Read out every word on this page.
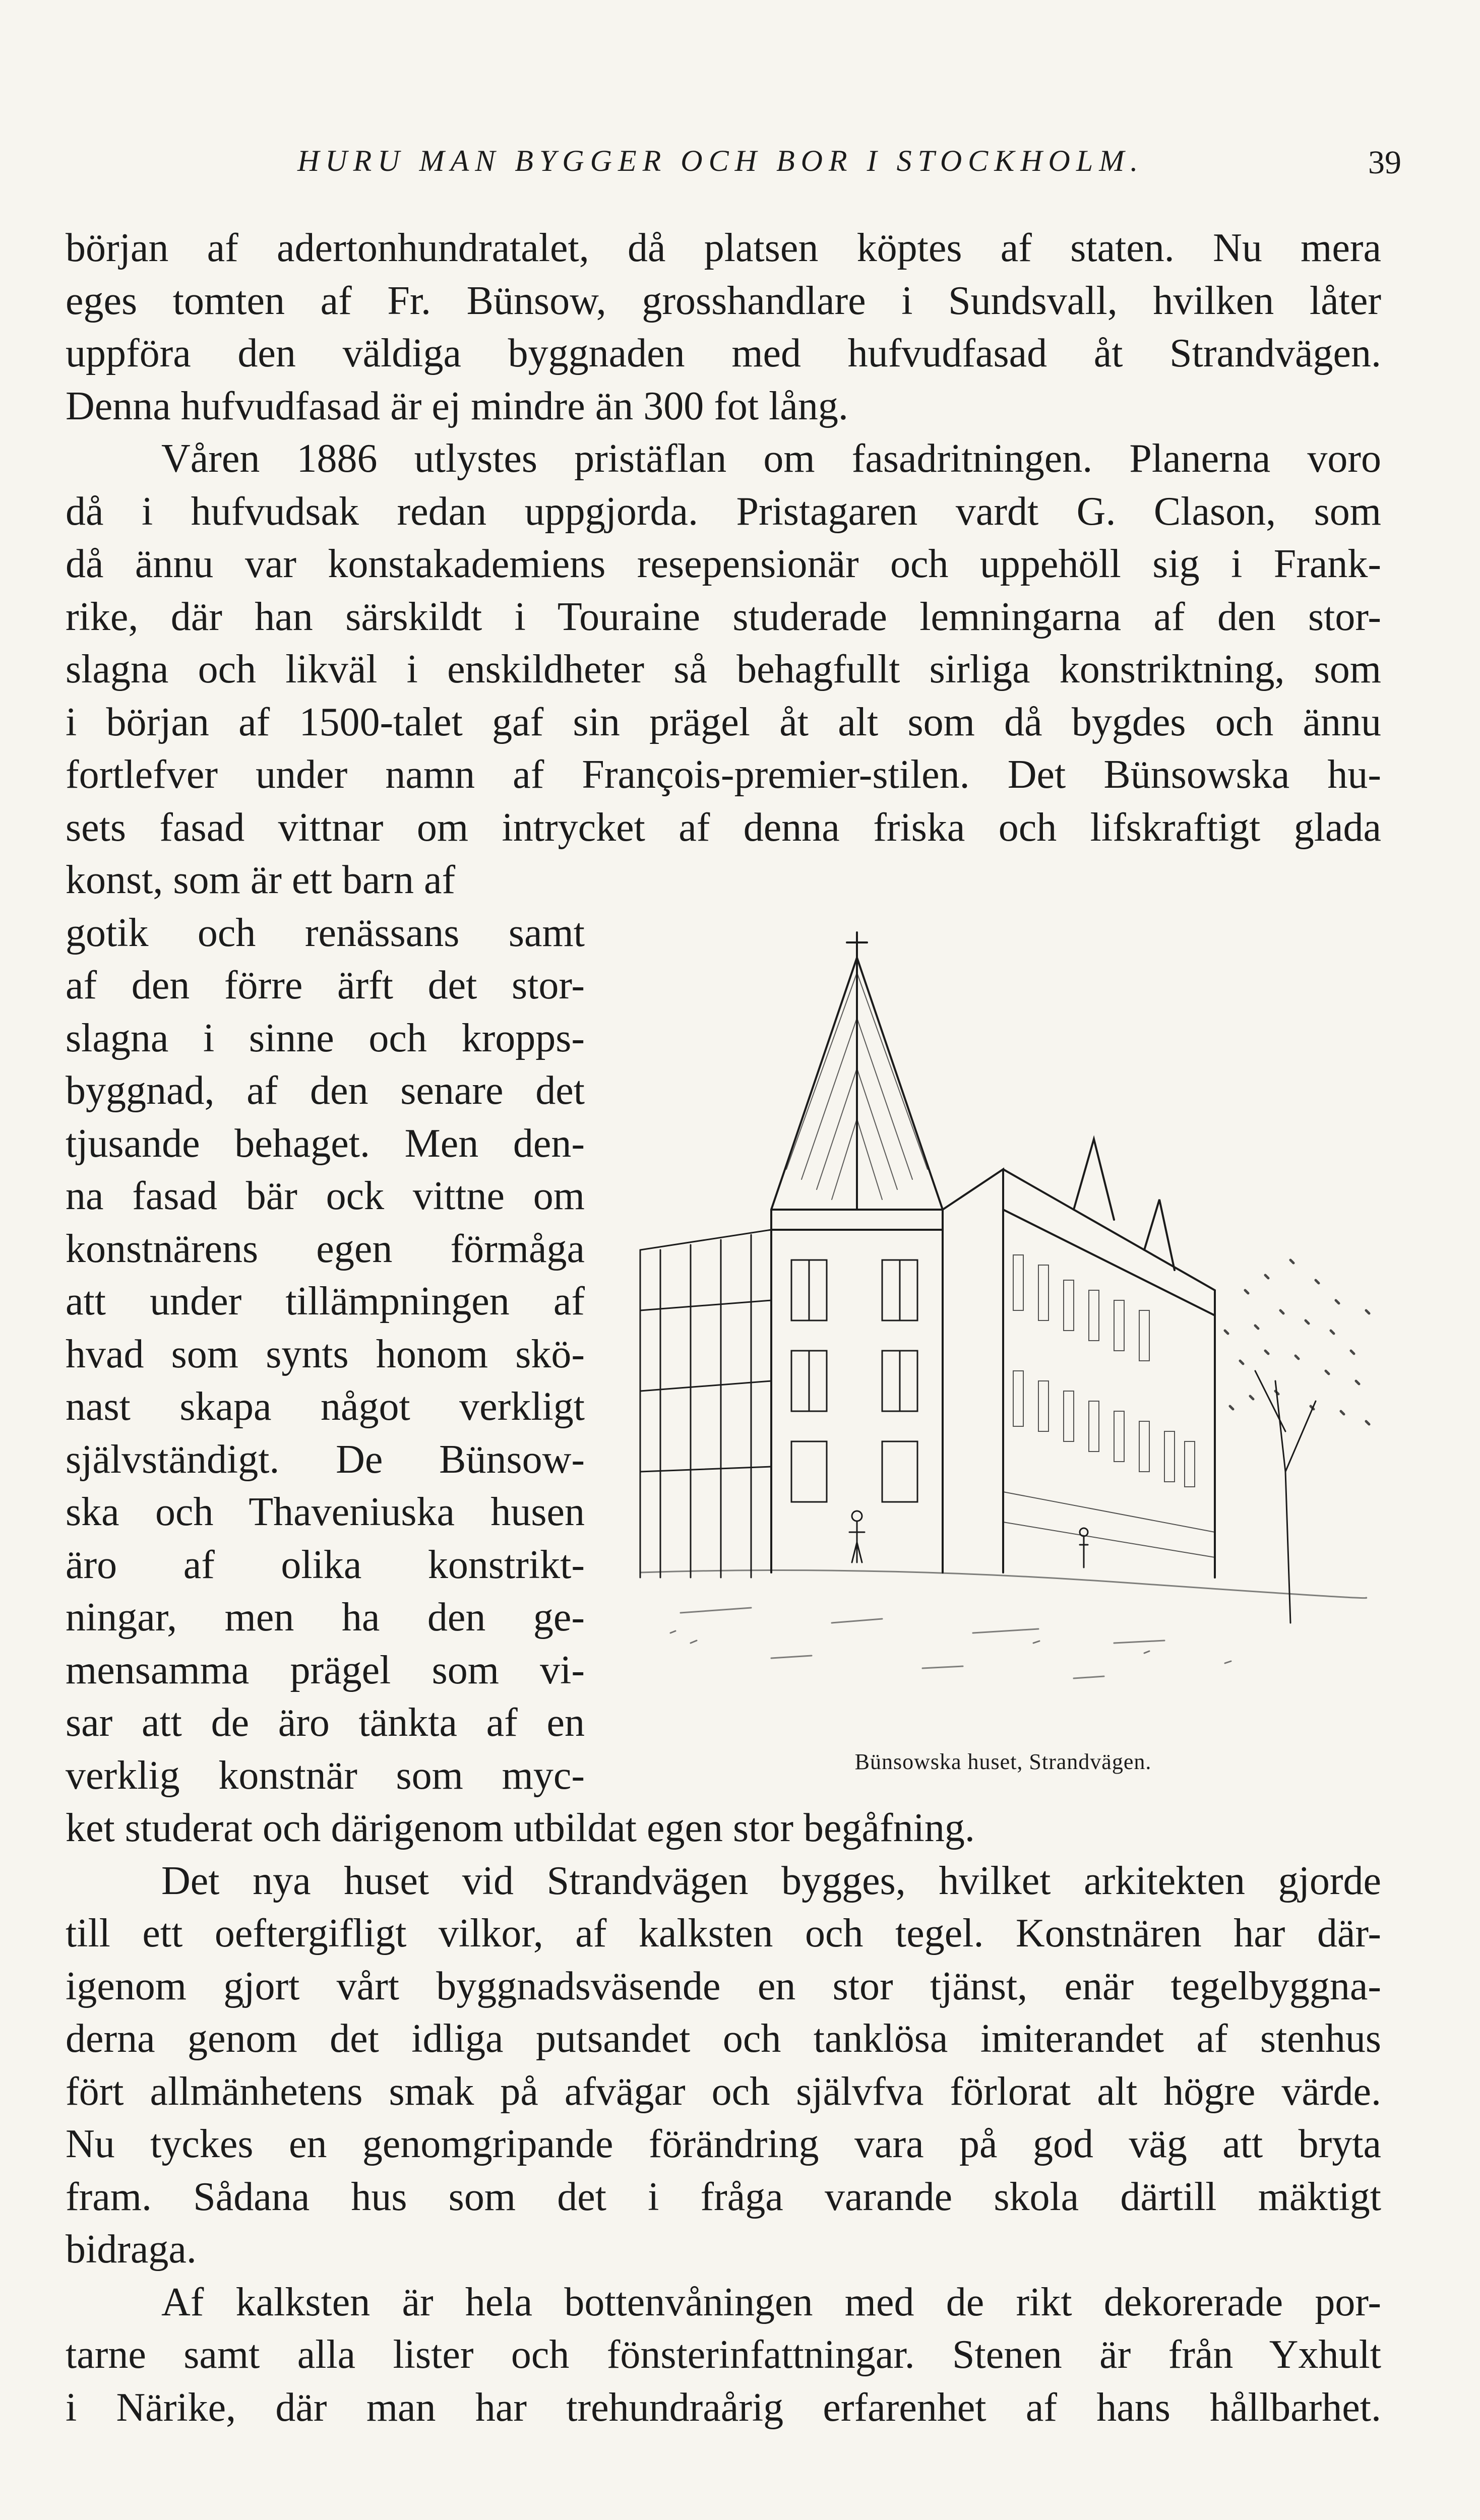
HURU MAN BYGGER OCH BOR I STOCKHOLM.	39
början af adertonhundratalet, då platsen köptes af staten. Nu mera
eges tomten af Fr. Bünsow, grosshandlare i Sundsvall, hvilken låter
uppföra den väldiga byggnaden med hufvudfasad åt Strandvägen.
Denna hufvudfasad är ej mindre än 300 fot lång.
Våren 1886 utlystes pristäflan om fasadritningen. Planerna voro
då i hufvudsak redan uppgjorda. Pristagaren vardt G. Clason, som
då ännu var konstakademiens resepensionär och uppehöll sig i Frank-
rike, där han särskildt i Touraine studerade lemningarna af den stor-
slagna och likväl i enskildheter så behagfullt sirliga konstriktning, som
i början af 1500-talet gaf sin prägel åt alt som då bygdes och ännu
fortlefver under namn af François-premier-stilen. Det Bünsowska hu-
sets fasad vittnar om intrycket af denna friska och lifskraftigt glada
konst, som är ett barn af
gotik och renässans samt
af den förre ärft det stor-
slagna i sinne och kropps-
byggnad, af den senare det
tjusande behaget. Men den-
na fasad bär ock vittne om
konstnärens egen förmåga
att under tillämpningen af
hvad som synts honom skö-
nast skapa något verkligt
självständigt. De Bünsow-
ska och Thaveniuska husen
äro af olika konstrikt-
ningar, men ha den ge-
mensamma prägel som vi-
sar att de äro tänkta af en
verklig konstnär som myc-
ket studerat och därigenom utbildat egen stor begåfning.
Det nya huset vid Strandvägen bygges, hvilket arkitekten gjorde
till ett oeftergifligt vilkor, af kalksten och tegel. Konstnären har där-
igenom gjort vårt byggnadsväsende en stor tjänst, enär tegelbyggna-
derna genom det idliga putsandet och tanklösa imiterandet af stenhus
fört allmänhetens smak på afvägar och självfva förlorat alt högre värde.
Nu tyckes en genomgripande förändring vara på god väg att bryta
fram. Sådana hus som det i fråga varande skola därtill mäktigt
bidraga.
Af kalksten är hela bottenvåningen med de rikt dekorerade por-
tarne samt alla lister och fönsterinfattningar. Stenen är från Yxhult
i Närike, där man har trehundraårig erfarenhet af hans hållbarhet.
Bünsowska huset, Strandvägen.
